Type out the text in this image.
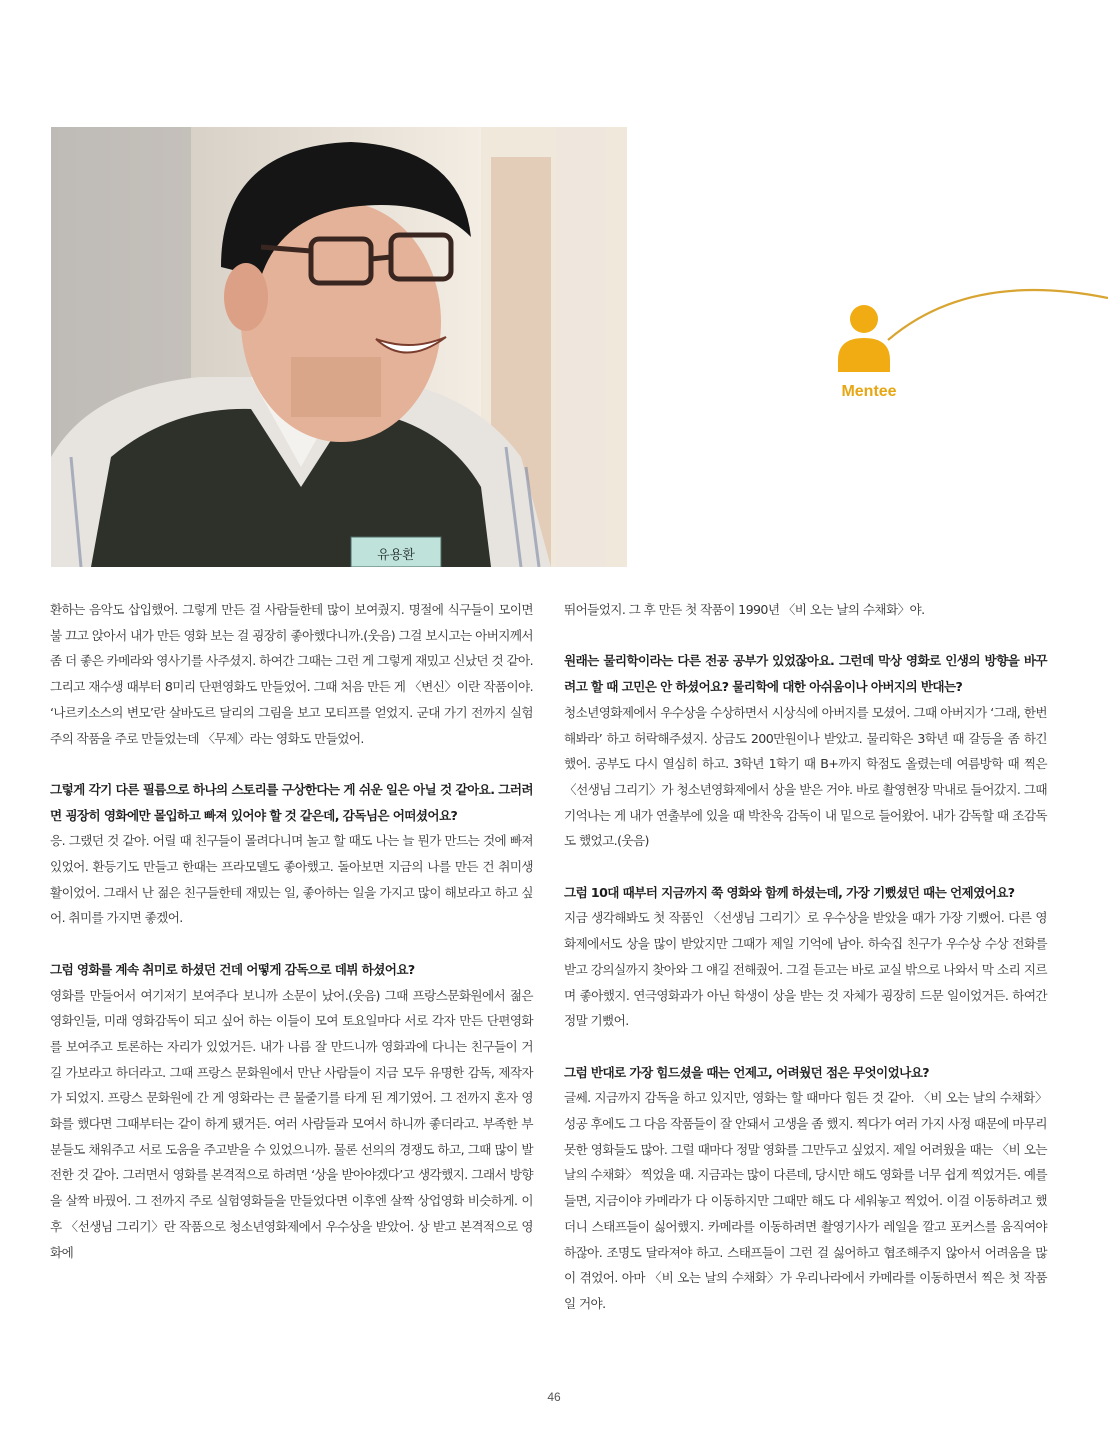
유용환
Mentee

환하는 음악도 삽입했어. 그렇게 만든 걸 사람들한테 많이 보여줬지. 명절에 식구들이 모이면 불 끄고 앉아서 내가 만든 영화 보는 걸 굉장히 좋아했다니까.(웃음) 그걸 보시고는 아버지께서 좀 더 좋은 카메라와 영사기를 사주셨지. 하여간 그때는 그런 게 그렇게 재밌고 신났던 것 같아. 그리고 재수생 때부터 8미리 단편영화도 만들었어. 그때 처음 만든 게 〈변신〉이란 작품이야. ‘나르키소스의 변모’란 살바도르 달리의 그림을 보고 모티프를 얻었지. 군대 가기 전까지 실험주의 작품을 주로 만들었는데 〈무제〉라는 영화도 만들었어.

그렇게 각기 다른 필름으로 하나의 스토리를 구상한다는 게 쉬운 일은 아닐 것 같아요. 그러려면 굉장히 영화에만 몰입하고 빠져 있어야 할 것 같은데, 감독님은 어떠셨어요?

응. 그랬던 것 같아. 어릴 때 친구들이 몰려다니며 놀고 할 때도 나는 늘 뭔가 만드는 것에 빠져 있었어. 환등기도 만들고 한때는 프라모델도 좋아했고. 돌아보면 지금의 나를 만든 건 취미생활이었어. 그래서 난 젊은 친구들한테 재밌는 일, 좋아하는 일을 가지고 많이 해보라고 하고 싶어. 취미를 가지면 좋겠어.

그럼 영화를 계속 취미로 하셨던 건데 어떻게 감독으로 데뷔 하셨어요?

영화를 만들어서 여기저기 보여주다 보니까 소문이 났어.(웃음) 그때 프랑스문화원에서 젊은 영화인들, 미래 영화감독이 되고 싶어 하는 이들이 모여 토요일마다 서로 각자 만든 단편영화를 보여주고 토론하는 자리가 있었거든. 내가 나름 잘 만드니까 영화과에 다니는 친구들이 거길 가보라고 하더라고. 그때 프랑스 문화원에서 만난 사람들이 지금 모두 유명한 감독, 제작자가 되었지. 프랑스 문화원에 간 게 영화라는 큰 물줄기를 타게 된 계기였어. 그 전까지 혼자 영화를 했다면 그때부터는 같이 하게 됐거든. 여러 사람들과 모여서 하니까 좋더라고. 부족한 부분들도 채워주고 서로 도움을 주고받을 수 있었으니까. 물론 선의의 경쟁도 하고, 그때 많이 발전한 것 같아. 그러면서 영화를 본격적으로 하려면 ‘상을 받아야겠다’고 생각했지. 그래서 방향을 살짝 바꿨어. 그 전까지 주로 실험영화들을 만들었다면 이후엔 살짝 상업영화 비슷하게. 이후 〈선생님 그리기〉란 작품으로 청소년영화제에서 우수상을 받았어. 상 받고 본격적으로 영화에

뛰어들었지. 그 후 만든 첫 작품이 1990년 〈비 오는 날의 수채화〉야.

원래는 물리학이라는 다른 전공 공부가 있었잖아요. 그런데 막상 영화로 인생의 방향을 바꾸려고 할 때 고민은 안 하셨어요? 물리학에 대한 아쉬움이나 아버지의 반대는?

청소년영화제에서 우수상을 수상하면서 시상식에 아버지를 모셨어. 그때 아버지가 ‘그래, 한번 해봐라’ 하고 허락해주셨지. 상금도 200만원이나 받았고. 물리학은 3학년 때 갈등을 좀 하긴 했어. 공부도 다시 열심히 하고. 3학년 1학기 때 B+까지 학점도 올렸는데 여름방학 때 찍은 〈선생님 그리기〉가 청소년영화제에서 상을 받은 거야. 바로 촬영현장 막내로 들어갔지. 그때 기억나는 게 내가 연출부에 있을 때 박찬욱 감독이 내 밑으로 들어왔어. 내가 감독할 때 조감독도 했었고.(웃음)

그럼 10대 때부터 지금까지 쭉 영화와 함께 하셨는데, 가장 기뻤셨던 때는 언제였어요?

지금 생각해봐도 첫 작품인 〈선생님 그리기〉로 우수상을 받았을 때가 가장 기뻤어. 다른 영화제에서도 상을 많이 받았지만 그때가 제일 기억에 남아. 하숙집 친구가 우수상 수상 전화를 받고 강의실까지 찾아와 그 얘길 전해줬어. 그걸 듣고는 바로 교실 밖으로 나와서 막 소리 지르며 좋아했지. 연극영화과가 아닌 학생이 상을 받는 것 자체가 굉장히 드문 일이었거든. 하여간 정말 기뻤어.

그럼 반대로 가장 힘드셨을 때는 언제고, 어려웠던 점은 무엇이었나요?

글쎄. 지금까지 감독을 하고 있지만, 영화는 할 때마다 힘든 것 같아. 〈비 오는 날의 수채화〉 성공 후에도 그 다음 작품들이 잘 안돼서 고생을 좀 했지. 찍다가 여러 가지 사정 때문에 마무리 못한 영화들도 많아. 그럴 때마다 정말 영화를 그만두고 싶었지. 제일 어려웠을 때는 〈비 오는 날의 수채화〉 찍었을 때. 지금과는 많이 다른데, 당시만 해도 영화를 너무 쉽게 찍었거든. 예를 들면, 지금이야 카메라가 다 이동하지만 그때만 해도 다 세워놓고 찍었어. 이걸 이동하려고 했더니 스태프들이 싫어했지. 카메라를 이동하려면 촬영기사가 레일을 깔고 포커스를 움직여야 하잖아. 조명도 달라져야 하고. 스태프들이 그런 걸 싫어하고 협조해주지 않아서 어려움을 많이 겪었어. 아마 〈비 오는 날의 수채화〉가 우리나라에서 카메라를 이동하면서 찍은 첫 작품일 거야.

46
